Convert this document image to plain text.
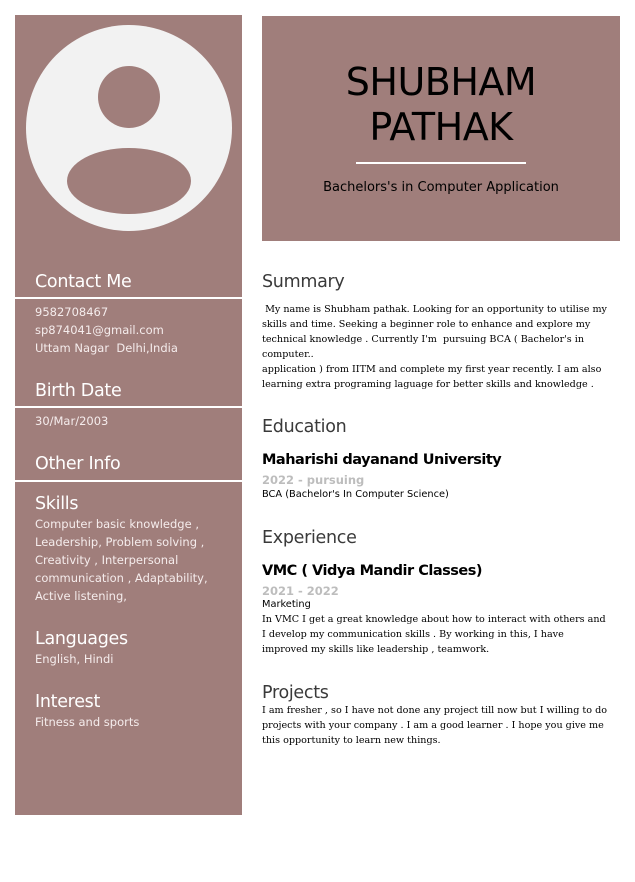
Contact Me
9582708467
sp874041@gmail.com
Uttam Nagar  Delhi,India
Birth Date
30/Mar/2003
Other Info
Skills
Computer basic knowledge , Leadership, Problem solving , Creativity , Interpersonal communication , Adaptability, Active listening,
Languages
English, Hindi
Interest
Fitness and sports
SHUBHAM
PATHAK
Bachelors's in Computer Application
Summary
My name is Shubham pathak. Looking for an opportunity to utilise my skills and time. Seeking a beginner role to enhance and explore my technical knowledge . Currently I'm  pursuing BCA ( Bachelor's in computer..
application ) from IITM and complete my first year recently. I am also learning extra programing laguage for better skills and knowledge .
Education
Maharishi dayanand University
2022 - pursuing
BCA (Bachelor's In Computer Science)
Experience
VMC ( Vidya Mandir Classes)
2021 - 2022
Marketing
In VMC I get a great knowledge about how to interact with others and I develop my communication skills . By working in this, I have improved my skills like leadership , teamwork.
Projects
I am fresher , so I have not done any project till now but I willing to do projects with your company . I am a good learner . I hope you give me this opportunity to learn new things.
